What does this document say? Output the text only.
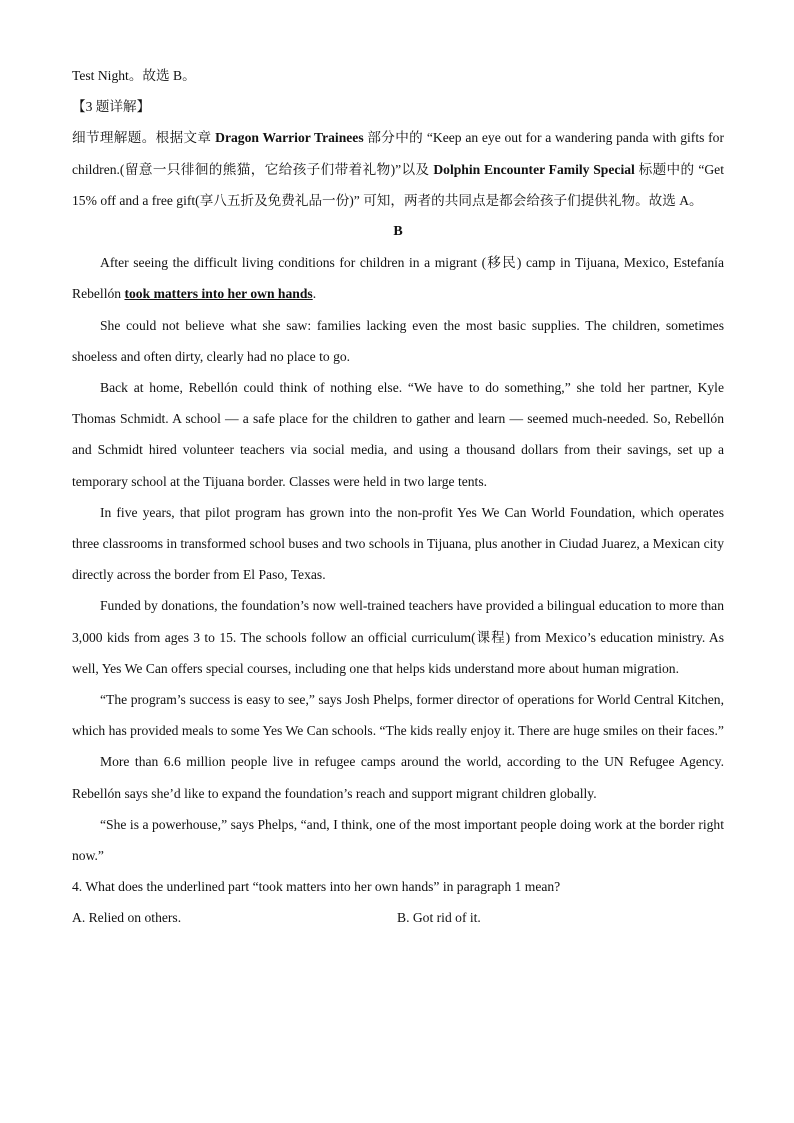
Test Night。故选 B。

【3 题详解】

细节理解题。根据文章 Dragon Warrior Trainees 部分中的 “Keep an eye out for a wandering panda with gifts for children.(留意一只徘徊的熊猫，它给孩子们带着礼物)”以及 Dolphin Encounter Family Special 标题中的 “Get 15% off and a free gift(享八五折及免费礼品一份)” 可知，两者的共同点是都会给孩子们提供礼物。故选 A。

B

After seeing the difficult living conditions for children in a migrant (移民) camp in Tijuana, Mexico, Estefanía Rebellón took matters into her own hands.

She could not believe what she saw: families lacking even the most basic supplies. The children, sometimes shoeless and often dirty, clearly had no place to go.

Back at home, Rebellón could think of nothing else. “We have to do something,” she told her partner, Kyle Thomas Schmidt. A school — a safe place for the children to gather and learn — seemed much-needed. So, Rebellón and Schmidt hired volunteer teachers via social media, and using a thousand dollars from their savings, set up a temporary school at the Tijuana border. Classes were held in two large tents.

In five years, that pilot program has grown into the non-profit Yes We Can World Foundation, which operates three classrooms in transformed school buses and two schools in Tijuana, plus another in Ciudad Juarez, a Mexican city directly across the border from El Paso, Texas.

Funded by donations, the foundation’s now well-trained teachers have provided a bilingual education to more than 3,000 kids from ages 3 to 15. The schools follow an official curriculum(课程) from Mexico’s education ministry. As well, Yes We Can offers special courses, including one that helps kids understand more about human migration.

“The program’s success is easy to see,” says Josh Phelps, former director of operations for World Central Kitchen, which has provided meals to some Yes We Can schools. “The kids really enjoy it. There are huge smiles on their faces.”

More than 6.6 million people live in refugee camps around the world, according to the UN Refugee Agency. Rebellón says she’d like to expand the foundation’s reach and support migrant children globally.

“She is a powerhouse,” says Phelps, “and, I think, one of the most important people doing work at the border right now.”

4. What does the underlined part “took matters into her own hands” in paragraph 1 mean?

A. Relied on others.	B. Got rid of it.
